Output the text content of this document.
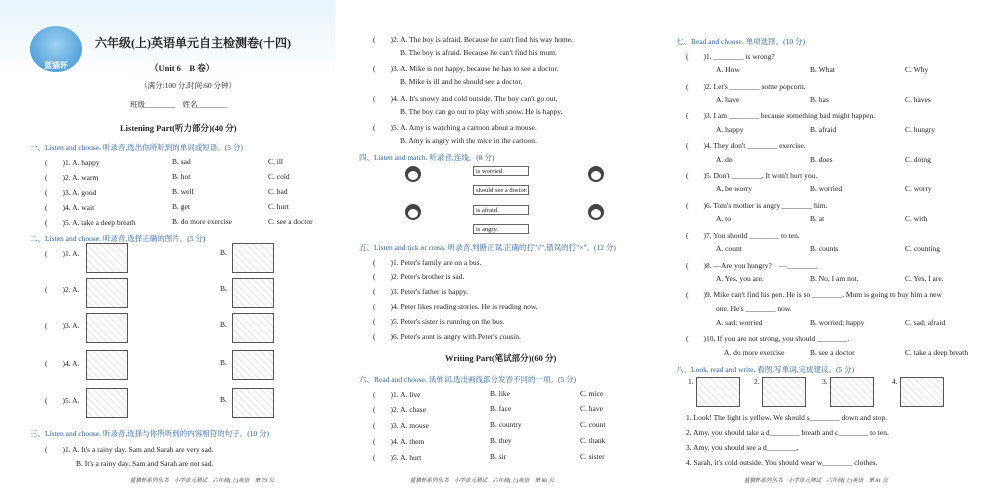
蓝猫杯
六年级(上)英语单元自主检测卷(十四)
（Unit 6　B 卷）
（满分:100 分,时间:60 分钟）
班级________　姓名________
Listening Part(听力部分)(40 分)
一、Listen and choose. 听录音,选出你所听到的单词或短语。(5 分)
(　　)1. A. happy	B. sad	C. ill
(　　)2. A. warm	B. hot	C. cold
(　　)3. A. good	B. well	C. bad
(　　)4. A. wait	B. get	C. hurt
(　　)5. A. take a deep breath	B. do more exercise	C. see a doctor
二、Listen and choose. 听录音,选择正确的图片。(5 分)
(　　)1. A.	B.
(　　)2. A.	B.
(　　)3. A.	B.
(　　)4. A.	B.
(　　)5. A.	B.
三、Listen and choose. 听录音,选择与你所听到的内容相符的句子。(10 分)
(　　)1. A. It's a rainy day. Sam and Sarah are very sad.
B. It's a rainy day. Sam and Sarah are not sad.
蓝猫杯系列丛书　小学单元测试　六年级(上)英语　第 79 页
(　　)2. A. The boy is afraid. Because he can't find his way home.
B. The boy is afraid. Because he can't find his mum.
(　　)3. A. Mike is not happy, because he has to see a doctor.
B. Mike is ill and he should see a doctor.
(　　)4. A. It's snowy and cold outside. The boy can't go out.
B. The boy can go out to play with snow. He is happy.
(　　)5. A. Amy is watching a cartoon about a mouse.
B. Amy is angry with the mice in the cartoon.
四、Listen and match. 听录音,连线。(8 分)
is worried.
should see a doctor.
is afraid.
is angry.
五、Listen and tick or cross. 听录音,判断正误,正确的打"√",错误的打"×"。(12 分)
(　　)1. Peter's family are on a bus.
(　　)2. Peter's brother is sad.
(　　)3. Peter's father is happy.
(　　)4. Peter likes reading stories. He is reading now.
(　　)5. Peter's sister is running on the bus.
(　　)6. Peter's aunt is angry with Peter's cousin.
Writing Part(笔试部分)(60 分)
六、Read and choose. 读单词,选出画线部分发音不同的一项。(5 分)
(　　)1. A. live	B. like	C. mice
(　　)2. A. chase	B. face	C. have
(　　)3. A. mouse	B. country	C. count
(　　)4. A. them	B. they	C. thank
(　　)5. A. hurt	B. sir	C. sister
蓝猫杯系列丛书　小学单元测试　六年级(上)英语　第 80 页
七、Read and choose. 单项选择。(10 分)
(　　)1. ________ is wrong?
A. How	B. What	C. Why
(　　)2. Let's ________ some popcorn.
A. have	B. has	C. haves
(　　)3. I am ________ because something bad might happen.
A. happy	B. afraid	C. hungry
(　　)4. They don't ________ exercise.
A. do	B. does	C. doing
(　　)5. Don't ________. It won't hurt you.
A. be worry	B. worried	C. worry
(　　)6. Tom's mother is angry ________ him.
A. to	B. at	C. with
(　　)7. You should ________ to ten.
A. count	B. counts	C. counting
(　　)8. —Are you hungry?　—________
A. Yes, you are.	B. No, I am not.	C. Yes, I are.
(　　)9. Mike can't find his pen. He is so ________. Mum is going to buy him a new
one. He's ________ now.
A. sad; worried	B. worried; happy	C. sad; afraid
(　　)10. If you are not strong, you should ________.
A. do more exercise	B. see a doctor	C. take a deep breath
八、Look, read and write. 看图,写单词,完成建议。(5 分)
1.	2.	3.	4.
1. Look! The light is yellow. We should s________ down and stop.
2. Amy, you should take a d________ breath and c________ to ten.
3. Amy, you should see a d________.
4. Sarah, it's cold outside. You should wear w________ clothes.
蓝猫杯系列丛书　小学单元测试　六年级(上)英语　第 81 页
